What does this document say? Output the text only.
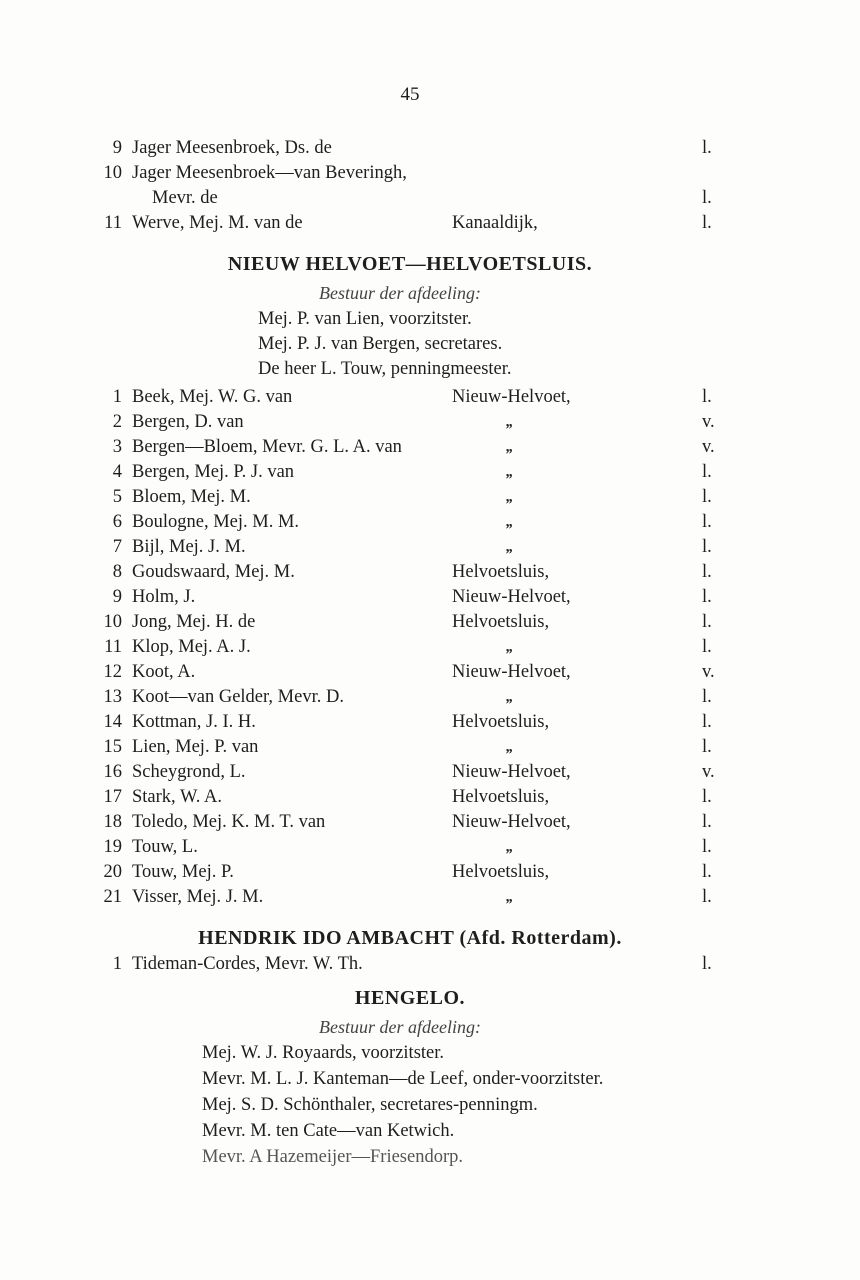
45
9 Jager Meesenbroek, Ds. de	l.
10 Jager Meesenbroek—van Beveringh,
Mevr. de	l.
11 Werve, Mej. M. van de	Kanaaldijk,	l.
NIEUW HELVOET—HELVOETSLUIS.
Bestuur der afdeeling:
Mej. P. van Lien, voorzitster.
Mej. P. J. van Bergen, secretares.
De heer L. Touw, penningmeester.
1 Beek, Mej. W. G. van	Nieuw-Helvoet,	l.
2 Bergen, D. van	„	v.
3 Bergen—Bloem, Mevr. G. L. A. van	„	v.
4 Bergen, Mej. P. J. van	„	l.
5 Bloem, Mej. M.	„	l.
6 Boulogne, Mej. M. M.	„	l.
7 Bijl, Mej. J. M.	„	l.
8 Goudswaard, Mej. M.	Helvoetsluis,	l.
9 Holm, J.	Nieuw-Helvoet,	l.
10 Jong, Mej. H. de	Helvoetsluis,	l.
11 Klop, Mej. A. J.	„	l.
12 Koot, A.	Nieuw-Helvoet,	v.
13 Koot—van Gelder, Mevr. D.	„	l.
14 Kottman, J. I. H.	Helvoetsluis,	l.
15 Lien, Mej. P. van	„	l.
16 Scheygrond, L.	Nieuw-Helvoet,	v.
17 Stark, W. A.	Helvoetsluis,	l.
18 Toledo, Mej. K. M. T. van	Nieuw-Helvoet,	l.
19 Touw, L.	„	l.
20 Touw, Mej. P.	Helvoetsluis,	l.
21 Visser, Mej. J. M.	„	l.
HENDRIK IDO AMBACHT (Afd. Rotterdam).
1 Tideman-Cordes, Mevr. W. Th.	l.
HENGELO.
Bestuur der afdeeling:
Mej. W. J. Royaards, voorzitster.
Mevr. M. L. J. Kanteman—de Leef, onder-voorzitster.
Mej. S. D. Schönthaler, secretares-penningm.
Mevr. M. ten Cate—van Ketwich.
Mevr. A Hazemeijer—Friesendorp.
